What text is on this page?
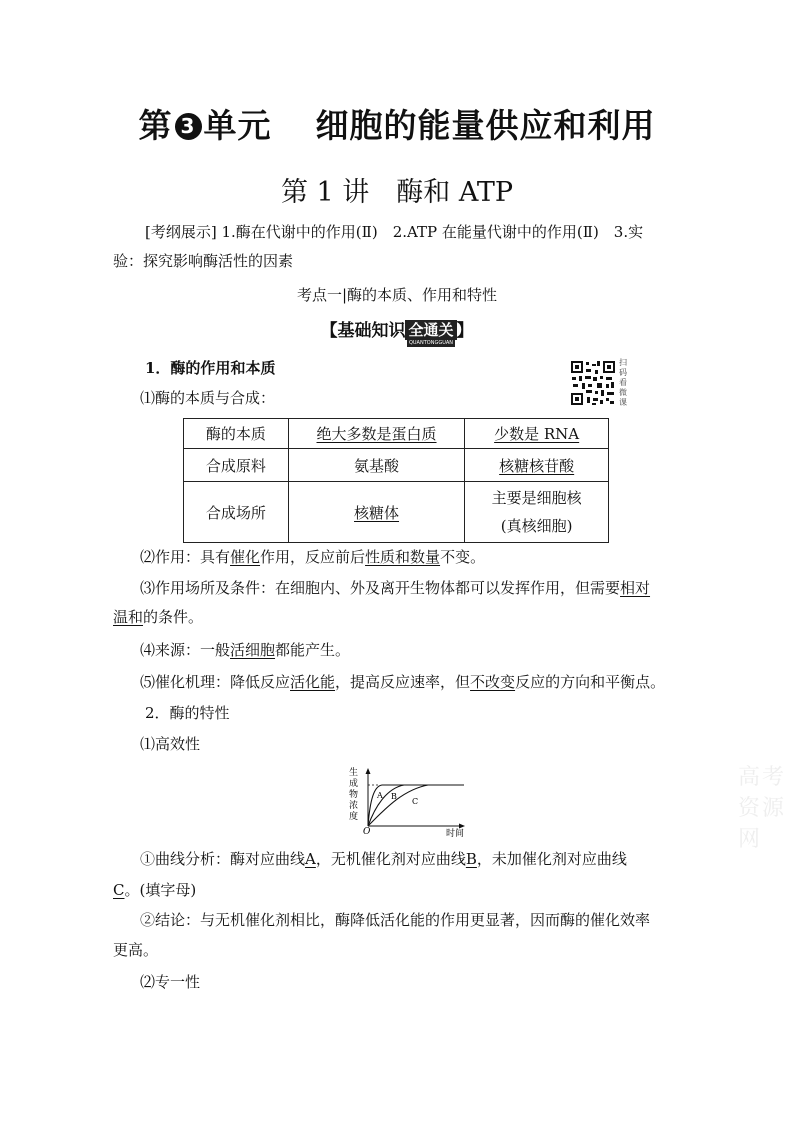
第 3 单元 细胞的能量供应和利用
第 1 讲　酶和 ATP
[考纲展示] 1.酶在代谢中的作用(Ⅱ)　2.ATP 在能量代谢中的作用(Ⅱ)　3.实
验：探究影响酶活性的因素
考点一|酶的本质、作用和特性
【基础知识 全通关
QUANTONGGUAN
】
扫码看微课
1．酶的作用和本质
⑴酶的本质与合成：
酶的本质	绝大多数是蛋白质	少数是 RNA
合成原料	氨基酸	核糖核苷酸
合成场所	核糖体	主要是细胞核
(真核细胞)
⑵作用：具有催化作用，反应前后性质和数量不变。
⑶作用场所及条件：在细胞内、外及离开生物体都可以发挥作用，但需要相对
温和的条件。
⑷来源：一般活细胞都能产生。
⑸催化机理：降低反应活化能，提高反应速率，但不改变反应的方向和平衡点。
2．酶的特性
⑴高效性
生
成
物
浓
度
A B
C
O	时间
①曲线分析：酶对应曲线A，无机催化剂对应曲线B，未加催化剂对应曲线
C。(填字母)
②结论：与无机催化剂相比，酶降低活化能的作用更显著，因而酶的催化效率
更高。
⑵专一性
高考资源网
